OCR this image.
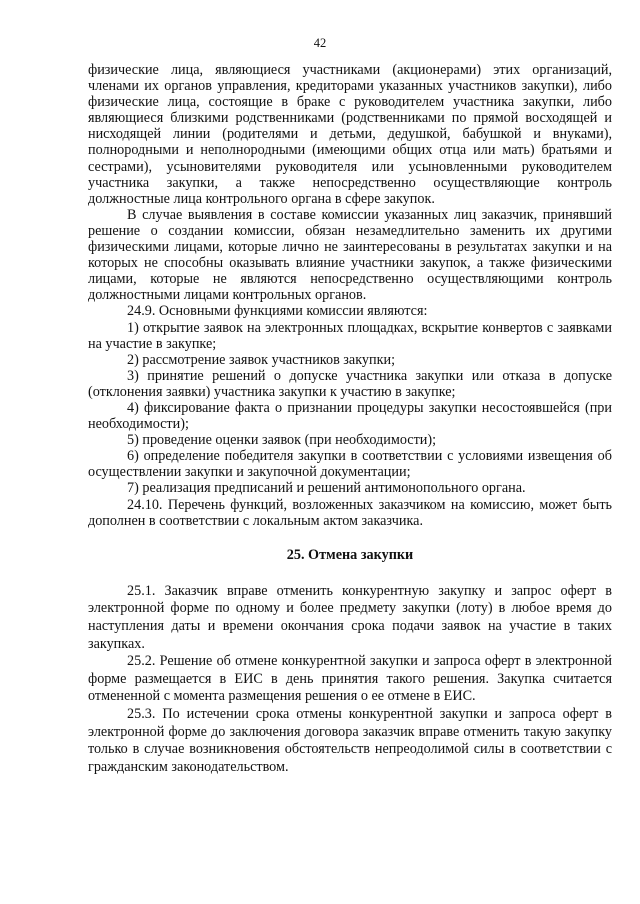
42

физические лица, являющиеся участниками (акционерами) этих организаций, членами их органов управления, кредиторами указанных участников закупки), либо физические лица, состоящие в браке с руководителем участника закупки, либо являющиеся близкими родственниками (родственниками по прямой восходящей и нисходящей линии (родителями и детьми, дедушкой, бабушкой и внуками), полнородными и неполнородными (имеющими общих отца или мать) братьями и сестрами), усыновителями руководителя или усыновленными руководителем участника закупки, а также непосредственно осуществляющие контроль должностные лица контрольного органа в сфере закупок.

В случае выявления в составе комиссии указанных лиц заказчик, принявший решение о создании комиссии, обязан незамедлительно заменить их другими физическими лицами, которые лично не заинтересованы в результатах закупки и на которых не способны оказывать влияние участники закупок, а также физическими лицами, которые не являются непосредственно осуществляющими контроль должностными лицами контрольных органов.

24.9. Основными функциями комиссии являются:

1) открытие заявок на электронных площадках, вскрытие конвертов с заявками на участие в закупке;

2) рассмотрение заявок участников закупки;

3) принятие решений о допуске участника закупки или отказа в допуске (отклонения заявки) участника закупки к участию в закупке;

4) фиксирование факта о признании процедуры закупки несостоявшейся (при необходимости);

5) проведение оценки заявок (при необходимости);

6) определение победителя закупки в соответствии с условиями извещения об осуществлении закупки и закупочной документации;

7) реализация предписаний и решений антимонопольного органа.

24.10. Перечень функций, возложенных заказчиком на комиссию, может быть дополнен в соответствии с локальным актом заказчика.

25. Отмена закупки

25.1. Заказчик вправе отменить конкурентную закупку и запрос оферт в электронной форме по одному и более предмету закупки (лоту) в любое время до наступления даты и времени окончания срока подачи заявок на участие в таких закупках.

25.2. Решение об отмене конкурентной закупки и запроса оферт в электронной форме размещается в ЕИС в день принятия такого решения. Закупка считается отмененной с момента размещения решения о ее отмене в ЕИС.

25.3. По истечении срока отмены конкурентной закупки и запроса оферт в электронной форме до заключения договора заказчик вправе отменить такую закупку только в случае возникновения обстоятельств непреодолимой силы в соответствии с гражданским законодательством.
